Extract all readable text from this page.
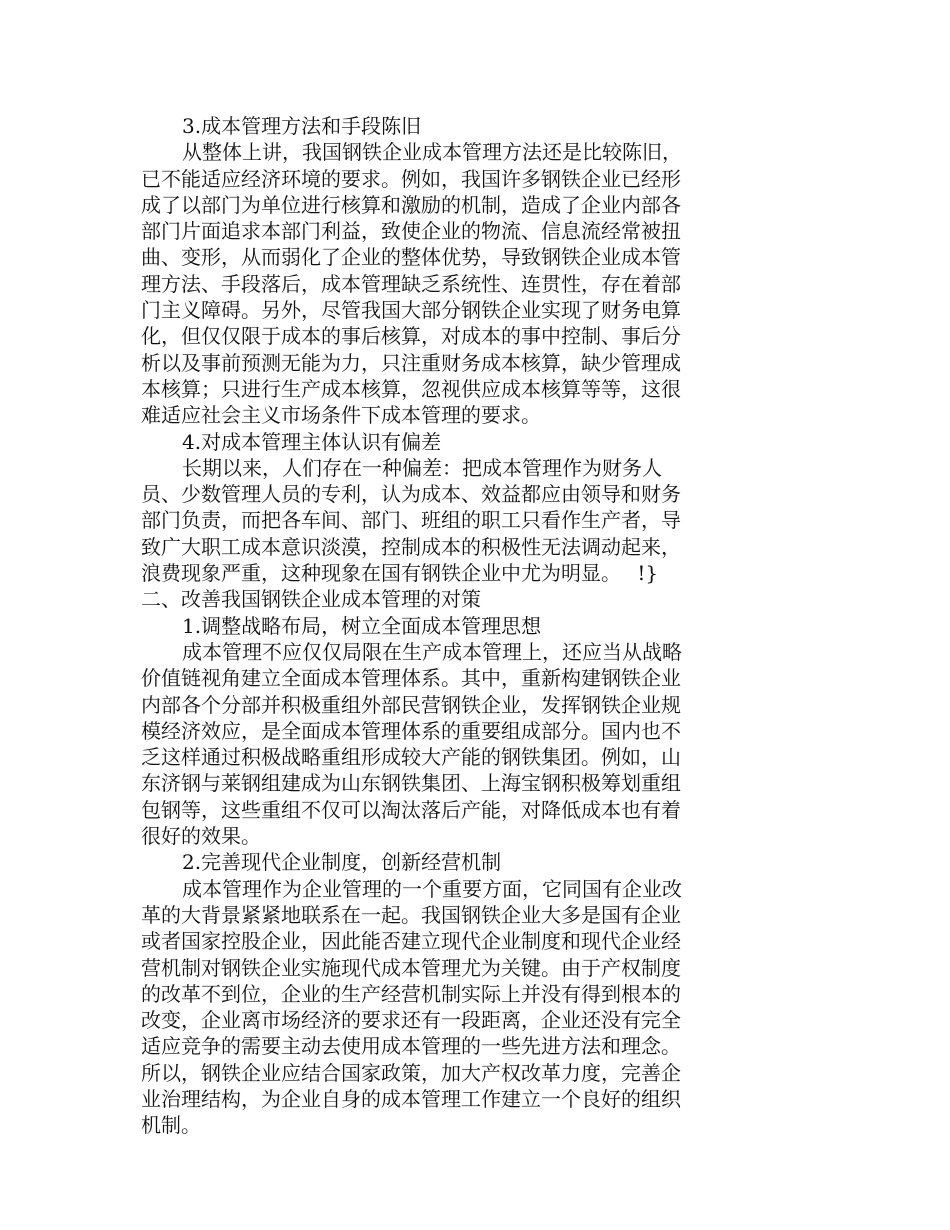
3.成本管理方法和手段陈旧
从整体上讲，我国钢铁企业成本管理方法还是比较陈旧，
已不能适应经济环境的要求。例如，我国许多钢铁企业已经形
成了以部门为单位进行核算和激励的机制，造成了企业内部各
部门片面追求本部门利益，致使企业的物流、信息流经常被扭
曲、变形，从而弱化了企业的整体优势，导致钢铁企业成本管
理方法、手段落后，成本管理缺乏系统性、连贯性，存在着部
门主义障碍。另外，尽管我国大部分钢铁企业实现了财务电算
化，但仅仅限于成本的事后核算，对成本的事中控制、事后分
析以及事前预测无能为力，只注重财务成本核算，缺少管理成
本核算；只进行生产成本核算，忽视供应成本核算等等，这很
难适应社会主义市场条件下成本管理的要求。
4.对成本管理主体认识有偏差
长期以来，人们存在一种偏差：把成本管理作为财务人
员、少数管理人员的专利，认为成本、效益都应由领导和财务
部门负责，而把各车间、部门、班组的职工只看作生产者，导
致广大职工成本意识淡漠，控制成本的积极性无法调动起来，
浪费现象严重，这种现象在国有钢铁企业中尤为明显。　 !}
二、改善我国钢铁企业成本管理的对策
1.调整战略布局，树立全面成本管理思想
成本管理不应仅仅局限在生产成本管理上，还应当从战略
价值链视角建立全面成本管理体系。其中，重新构建钢铁企业
内部各个分部并积极重组外部民营钢铁企业，发挥钢铁企业规
模经济效应，是全面成本管理体系的重要组成部分。国内也不
乏这样通过积极战略重组形成较大产能的钢铁集团。例如，山
东济钢与莱钢组建成为山东钢铁集团、上海宝钢积极筹划重组
包钢等，这些重组不仅可以淘汰落后产能，对降低成本也有着
很好的效果。
2.完善现代企业制度，创新经营机制
成本管理作为企业管理的一个重要方面，它同国有企业改
革的大背景紧紧地联系在一起。我国钢铁企业大多是国有企业
或者国家控股企业，因此能否建立现代企业制度和现代企业经
营机制对钢铁企业实施现代成本管理尤为关键。由于产权制度
的改革不到位，企业的生产经营机制实际上并没有得到根本的
改变，企业离市场经济的要求还有一段距离，企业还没有完全
适应竞争的需要主动去使用成本管理的一些先进方法和理念。
所以，钢铁企业应结合国家政策，加大产权改革力度，完善企
业治理结构，为企业自身的成本管理工作建立一个良好的组织
机制。
